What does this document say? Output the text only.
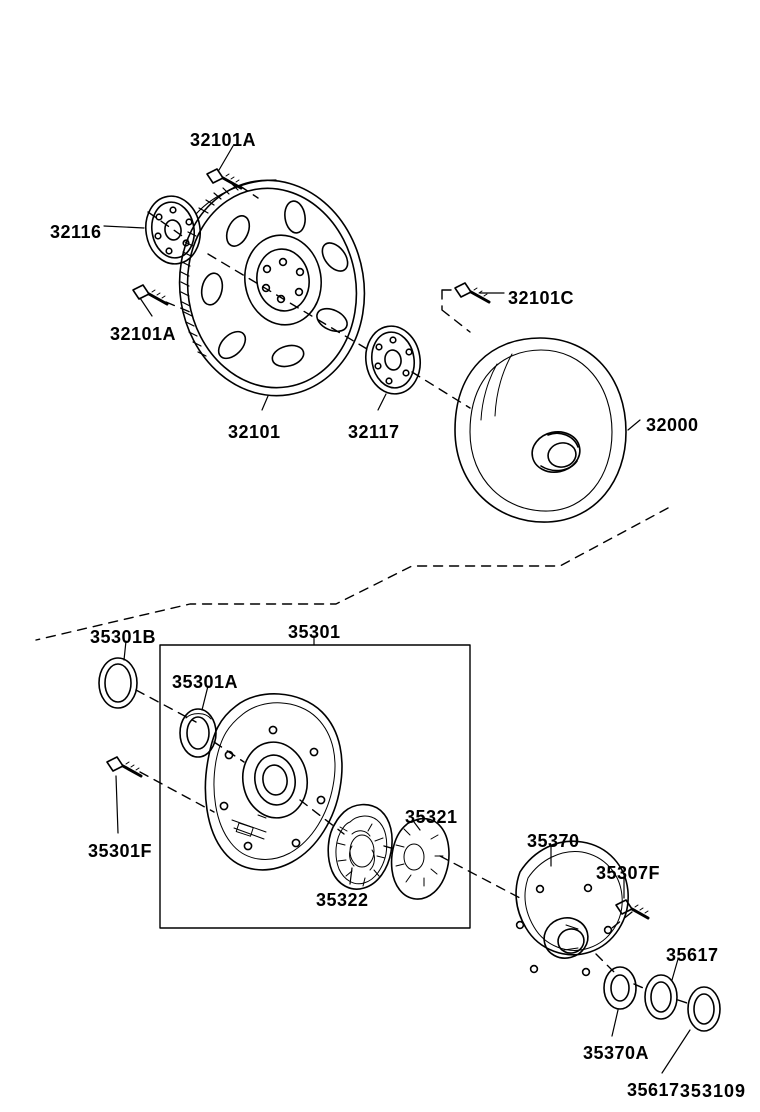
32101A
32116
32101A
32101	32117
32101C
32000
35301B	35301
35301A
35301F
35322
35321
35370
35307F
35370A
35617
35617 353109
